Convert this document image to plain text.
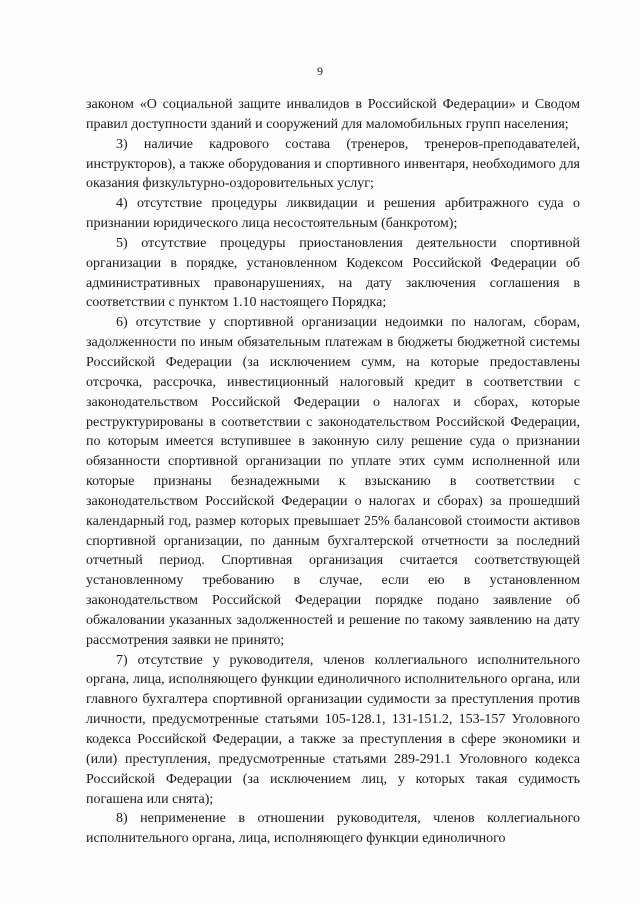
9

законом «О социальной защите инвалидов в Российской Федерации» и Сводом правил доступности зданий и сооружений для маломобильных групп населения;

3) наличие кадрового состава (тренеров, тренеров-преподавателей, инструкторов), а также оборудования и спортивного инвентаря, необходимого для оказания физкультурно-оздоровительных услуг;

4) отсутствие процедуры ликвидации и решения арбитражного суда о признании юридического лица несостоятельным (банкротом);

5) отсутствие процедуры приостановления деятельности спортивной организации в порядке, установленном Кодексом Российской Федерации об административных правонарушениях, на дату заключения соглашения в соответствии с пунктом 1.10 настоящего Порядка;

6) отсутствие у спортивной организации недоимки по налогам, сборам, задолженности по иным обязательным платежам в бюджеты бюджетной системы Российской Федерации (за исключением сумм, на которые предоставлены отсрочка, рассрочка, инвестиционный налоговый кредит в соответствии с законодательством Российской Федерации о налогах и сборах, которые реструктурированы в соответствии с законодательством Российской Федерации, по которым имеется вступившее в законную силу решение суда о признании обязанности спортивной организации по уплате этих сумм исполненной или которые признаны безнадежными к взысканию в соответствии с законодательством Российской Федерации о налогах и сборах) за прошедший календарный год, размер которых превышает 25% балансовой стоимости активов спортивной организации, по данным бухгалтерской отчетности за последний отчетный период. Спортивная организация считается соответствующей установленному требованию в случае, если ею в установленном законодательством Российской Федерации порядке подано заявление об обжаловании указанных задолженностей и решение по такому заявлению на дату рассмотрения заявки не принято;

7) отсутствие у руководителя, членов коллегиального исполнительного органа, лица, исполняющего функции единоличного исполнительного органа, или главного бухгалтера спортивной организации судимости за преступления против личности, предусмотренные статьями 105-128.1, 131-151.2, 153-157 Уголовного кодекса Российской Федерации, а также за преступления в сфере экономики и (или) преступления, предусмотренные статьями 289-291.1 Уголовного кодекса Российской Федерации (за исключением лиц, у которых такая судимость погашена или снята);

8) неприменение в отношении руководителя, членов коллегиального исполнительного органа, лица, исполняющего функции единоличного
